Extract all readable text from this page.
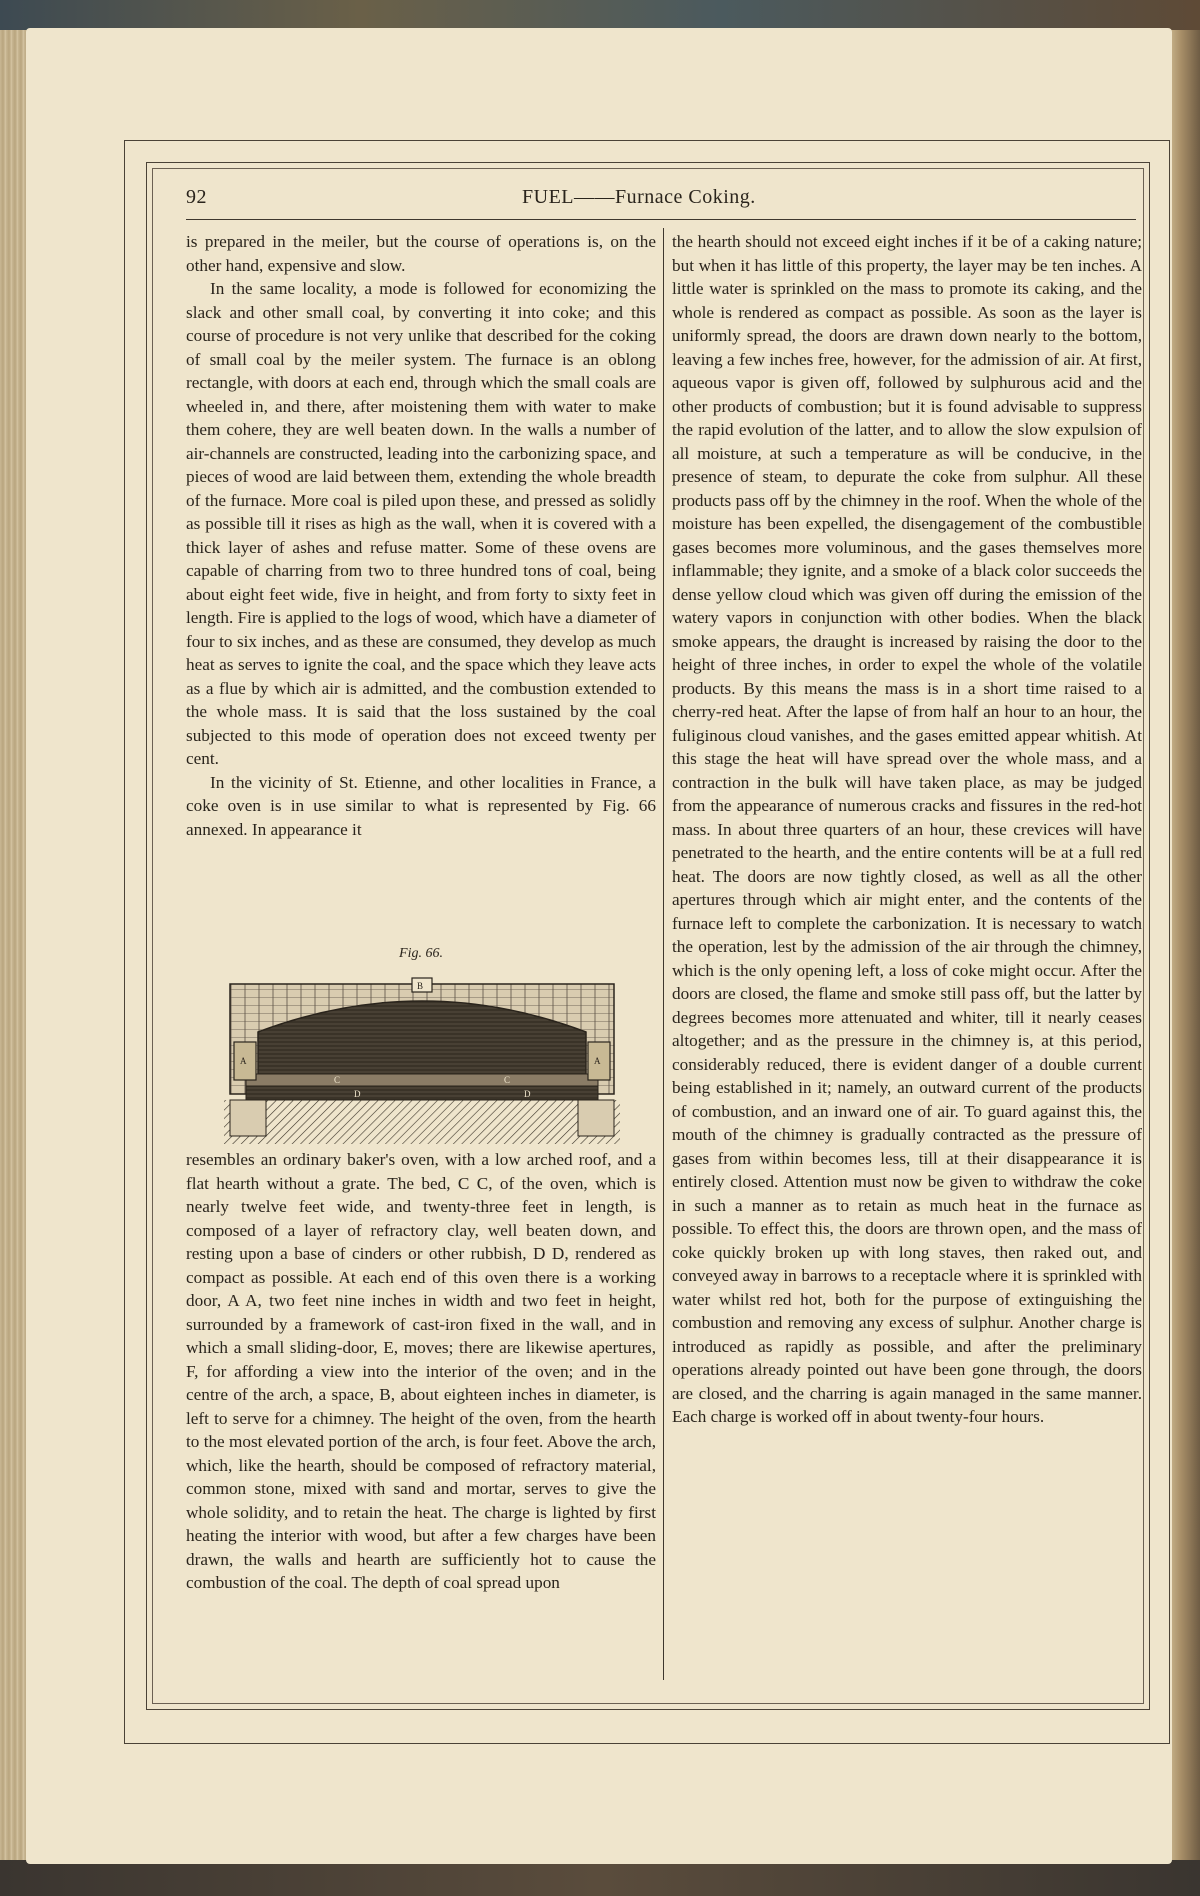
92	FUEL——Furnace Coking.

is prepared in the meiler, but the course of operations is, on the other hand, expensive and slow.

In the same locality, a mode is followed for economizing the slack and other small coal, by converting it into coke; and this course of procedure is not very unlike that described for the coking of small coal by the meiler system. The furnace is an oblong rectangle, with doors at each end, through which the small coals are wheeled in, and there, after moistening them with water to make them cohere, they are well beaten down. In the walls a number of air-channels are constructed, leading into the carbonizing space, and pieces of wood are laid between them, extending the whole breadth of the furnace. More coal is piled upon these, and pressed as solidly as possible till it rises as high as the wall, when it is covered with a thick layer of ashes and refuse matter. Some of these ovens are capable of charring from two to three hundred tons of coal, being about eight feet wide, five in height, and from forty to sixty feet in length. Fire is applied to the logs of wood, which have a diameter of four to six inches, and as these are consumed, they develop as much heat as serves to ignite the coal, and the space which they leave acts as a flue by which air is admitted, and the combustion extended to the whole mass. It is said that the loss sustained by the coal subjected to this mode of operation does not exceed twenty per cent.

In the vicinity of St. Etienne, and other localities in France, a coke oven is in use similar to what is represented by Fig. 66 annexed. In appearance it

Fig. 66.
B
A	A
C	C
D	D

resembles an ordinary baker's oven, with a low arched roof, and a flat hearth without a grate. The bed, C C, of the oven, which is nearly twelve feet wide, and twenty-three feet in length, is composed of a layer of refractory clay, well beaten down, and resting upon a base of cinders or other rubbish, D D, rendered as compact as possible. At each end of this oven there is a working door, A A, two feet nine inches in width and two feet in height, surrounded by a framework of cast-iron fixed in the wall, and in which a small sliding-door, E, moves; there are likewise apertures, F, for affording a view into the interior of the oven; and in the centre of the arch, a space, B, about eighteen inches in diameter, is left to serve for a chimney. The height of the oven, from the hearth to the most elevated portion of the arch, is four feet. Above the arch, which, like the hearth, should be composed of refractory material, common stone, mixed with sand and mortar, serves to give the whole solidity, and to retain the heat. The charge is lighted by first heating the interior with wood, but after a few charges have been drawn, the walls and hearth are sufficiently hot to cause the combustion of the coal. The depth of coal spread upon

the hearth should not exceed eight inches if it be of a caking nature; but when it has little of this property, the layer may be ten inches. A little water is sprinkled on the mass to promote its caking, and the whole is rendered as compact as possible. As soon as the layer is uniformly spread, the doors are drawn down nearly to the bottom, leaving a few inches free, however, for the admission of air. At first, aqueous vapor is given off, followed by sulphurous acid and the other products of combustion; but it is found advisable to suppress the rapid evolution of the latter, and to allow the slow expulsion of all moisture, at such a temperature as will be conducive, in the presence of steam, to depurate the coke from sulphur. All these products pass off by the chimney in the roof. When the whole of the moisture has been expelled, the disengagement of the combustible gases becomes more voluminous, and the gases themselves more inflammable; they ignite, and a smoke of a black color succeeds the dense yellow cloud which was given off during the emission of the watery vapors in conjunction with other bodies. When the black smoke appears, the draught is increased by raising the door to the height of three inches, in order to expel the whole of the volatile products. By this means the mass is in a short time raised to a cherry-red heat. After the lapse of from half an hour to an hour, the fuliginous cloud vanishes, and the gases emitted appear whitish. At this stage the heat will have spread over the whole mass, and a contraction in the bulk will have taken place, as may be judged from the appearance of numerous cracks and fissures in the red-hot mass. In about three quarters of an hour, these crevices will have penetrated to the hearth, and the entire contents will be at a full red heat. The doors are now tightly closed, as well as all the other apertures through which air might enter, and the contents of the furnace left to complete the carbonization. It is necessary to watch the operation, lest by the admission of the air through the chimney, which is the only opening left, a loss of coke might occur. After the doors are closed, the flame and smoke still pass off, but the latter by degrees becomes more attenuated and whiter, till it nearly ceases altogether; and as the pressure in the chimney is, at this period, considerably reduced, there is evident danger of a double current being established in it; namely, an outward current of the products of combustion, and an inward one of air. To guard against this, the mouth of the chimney is gradually contracted as the pressure of gases from within becomes less, till at their disappearance it is entirely closed. Attention must now be given to withdraw the coke in such a manner as to retain as much heat in the furnace as possible. To effect this, the doors are thrown open, and the mass of coke quickly broken up with long staves, then raked out, and conveyed away in barrows to a receptacle where it is sprinkled with water whilst red hot, both for the purpose of extinguishing the combustion and removing any excess of sulphur. Another charge is introduced as rapidly as possible, and after the preliminary operations already pointed out have been gone through, the doors are closed, and the charring is again managed in the same manner. Each charge is worked off in about twenty-four hours.
